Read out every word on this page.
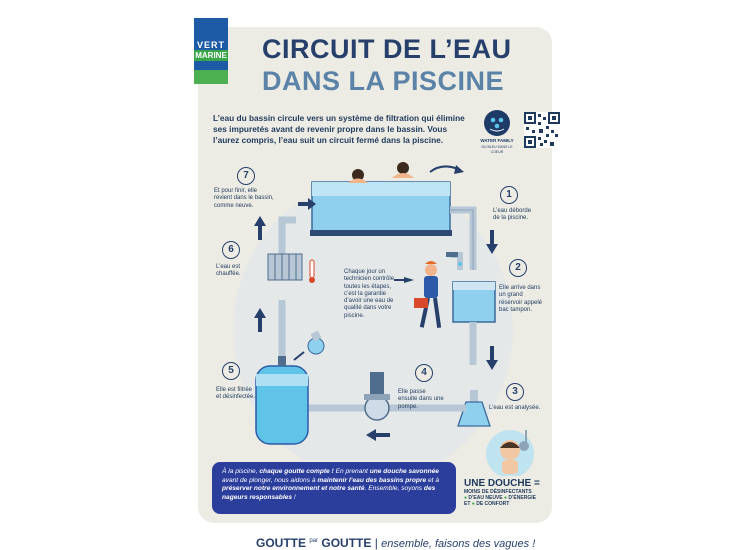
VERT
MARINE CIRCUIT DE L’EAU
DANS LA PISCINE
L’eau du bassin circule vers un système de filtration qui élimine ses impuretés avant de revenir propre dans le bassin. Vous l’aurez compris, l’eau suit un circuit fermé dans la piscine.	WATER FAMILY
DU BLEU DANS LE COEUR
1
L’eau déborde de la piscine.
2
Elle arrive dans un grand réservoir appelé bac tampon.
3
L’eau est analysée.
4
Elle passe ensuite dans une pompe.
5
Elle est filtrée et désinfectée.
6
L’eau est chauffée.
7
Et pour finir, elle revient dans le bassin, comme neuve.
Chaque jour un technicien contrôle toutes les étapes, c’est la garantie d’avoir une eau de qualité dans votre piscine.
À la piscine, chaque goutte compte ! En prenant une douche savonnée avant de plonger, nous aidons à maintenir l’eau des bassins propre et à préserver notre environnement et notre santé. Ensemble, soyons des nageurs responsables !
UNE DOUCHE =
MOINS DE DÉSINFECTANTS
● D’EAU NEUVE ● D’ÉNERGIE
ET ● DE CONFORT
GOUTTE $^{par}$ GOUTTE | ensemble, faisons des vagues !
